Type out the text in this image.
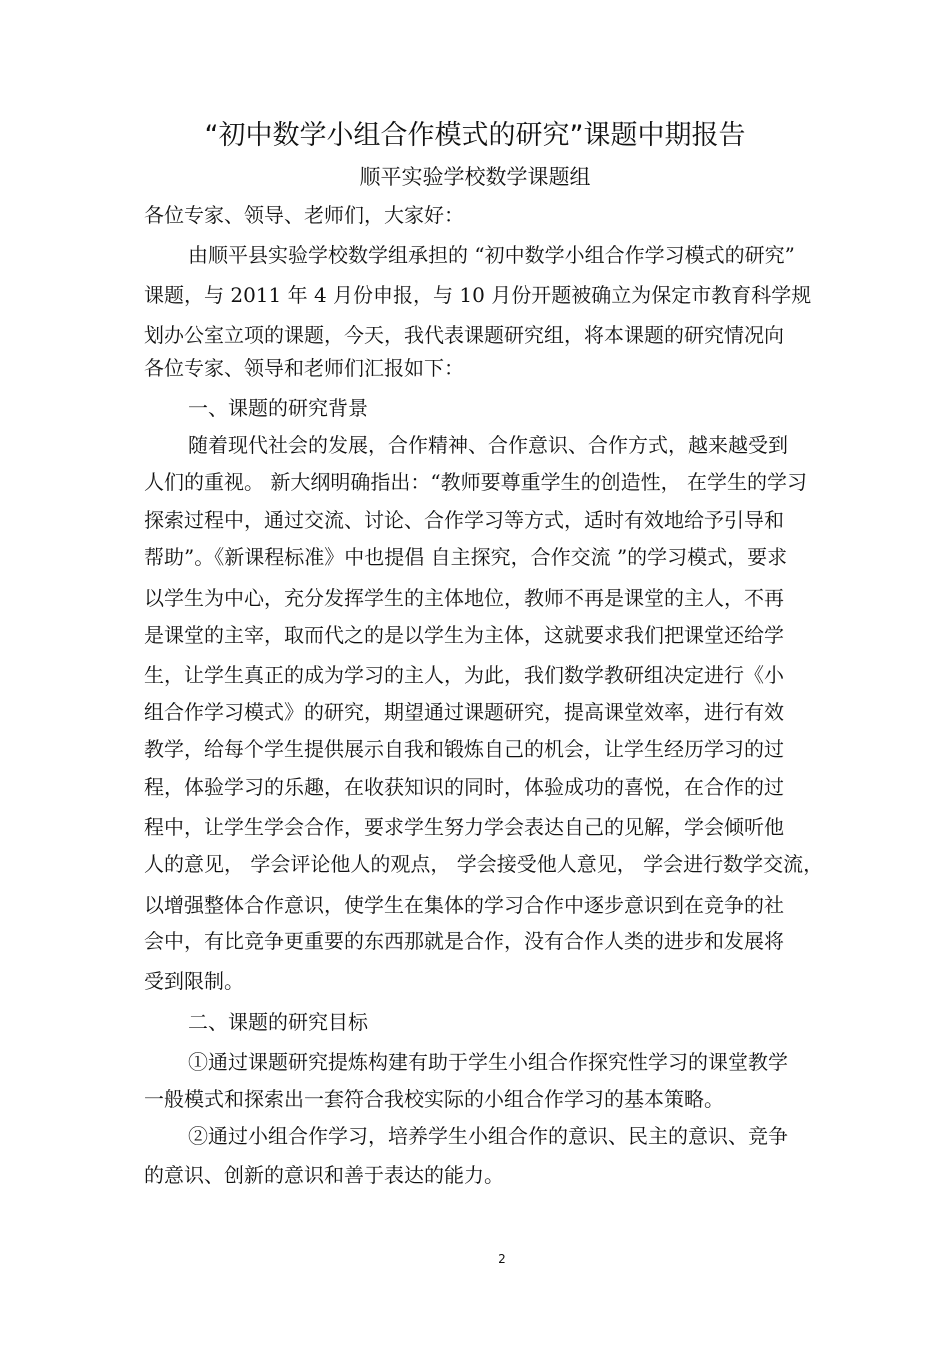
“初中数学小组合作模式的研究”课题中期报告
顺平实验学校数学课题组
各位专家、领导、老师们，大家好：
由顺平县实验学校数学组承担的 “初中数学小组合作学习模式的研究”
课题，与 2011 年 4 月份申报，与 10 月份开题被确立为保定市教育科学规
划办公室立项的课题，今天，我代表课题研究组，将本课题的研究情况向
各位专家、领导和老师们汇报如下：
一、课题的研究背景
随着现代社会的发展，合作精神、合作意识、合作方式，越来越受到
人们的重视。 新大纲明确指出：“教师要尊重学生的创造性， 在学生的学习
探索过程中，通过交流、讨论、合作学习等方式，适时有效地给予引导和
帮助”。《新课程标准》中也提倡 自主探究，合作交流 ”的学习模式，要求
以学生为中心，充分发挥学生的主体地位，教师不再是课堂的主人，不再
是课堂的主宰，取而代之的是以学生为主体，这就要求我们把课堂还给学
生，让学生真正的成为学习的主人，为此，我们数学教研组决定进行《小
组合作学习模式》的研究，期望通过课题研究，提高课堂效率，进行有效
教学，给每个学生提供展示自我和锻炼自己的机会，让学生经历学习的过
程，体验学习的乐趣，在收获知识的同时，体验成功的喜悦，在合作的过
程中，让学生学会合作，要求学生努力学会表达自己的见解，学会倾听他
人的意见， 学会评论他人的观点， 学会接受他人意见， 学会进行数学交流，
以增强整体合作意识，使学生在集体的学习合作中逐步意识到在竞争的社
会中，有比竞争更重要的东西那就是合作，没有合作人类的进步和发展将
受到限制。
二、课题的研究目标
①通过课题研究提炼构建有助于学生小组合作探究性学习的课堂教学
一般模式和探索出一套符合我校实际的小组合作学习的基本策略。
②通过小组合作学习，培养学生小组合作的意识、民主的意识、竞争
的意识、创新的意识和善于表达的能力。
2
